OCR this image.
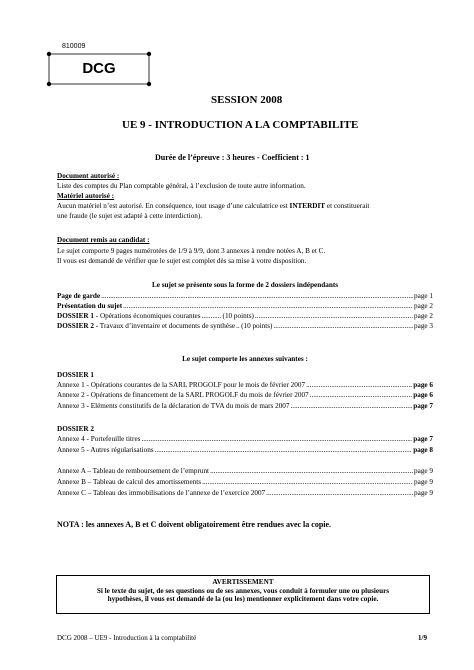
810009
DCG
SESSION 2008
UE 9 - INTRODUCTION A LA COMPTABILITE
Durée de l’épreuve : 3 heures - Coefficient : 1
Document autorisé :
Liste des comptes du Plan comptable général, à l’exclusion de toute autre information.
Matériel autorisé :
Aucun matériel n’est autorisé. En conséquence, tout usage d’une calculatrice est INTERDIT et constituerait
une fraude (le sujet est adapté à cette interdiction).
Document remis au candidat :
Le sujet comporte 9 pages numérotées de 1/9 à 9/9, dont 3 annexes à rendre notées A, B et C.
Il vous est demandé de vérifier que le sujet est complet dès sa mise à votre disposition.
Le sujet se présente sous la forme de 2 dossiers indépendants
Page de garde .....	page 1
Présentation du sujet .....	page 2
DOSSIER 1 - Opérations économiques courantes .....	(10 points) .....	page 2
DOSSIER 2 - Travaux d’inventaire et documents de synthèse ..... (10 points) .....	page 3
Le sujet comporte les annexes suivantes :
DOSSIER 1
Annexe 1 - Opérations courantes de la SARL PROGOLF pour le mois de février 2007 .....	page 6
Annexe 2 - Opérations de financement de la SARL PROGOLF du mois de février 2007 .....	page 6
Annexe 3 - Eléments constitutifs de la déclaration de TVA du mois de mars 2007 .....	page 7
DOSSIER 2
Annexe 4 - Portefeuille titres .....	page 7
Annexe 5 - Autres régularisations .....	page 8
Annexe A – Tableau de remboursement de l’emprunt .....	page 9
Annexe B – Tableau de calcul des amortissements .....	page 9
Annexe C – Tableau des immobilisations de l’annexe de l’exercice 2007 .....	page 9
NOTA : les annexes A, B et C doivent obligatoirement être rendues avec la copie.
AVERTISSEMENT
Si le texte du sujet, de ses questions ou de ses annexes, vous conduit à formuler une ou plusieurs
hypothèses, il vous est demandé de la (ou les) mentionner explicitement dans votre copie.
DCG 2008 – UE9 - Introduction à la comptabilité	1/9
